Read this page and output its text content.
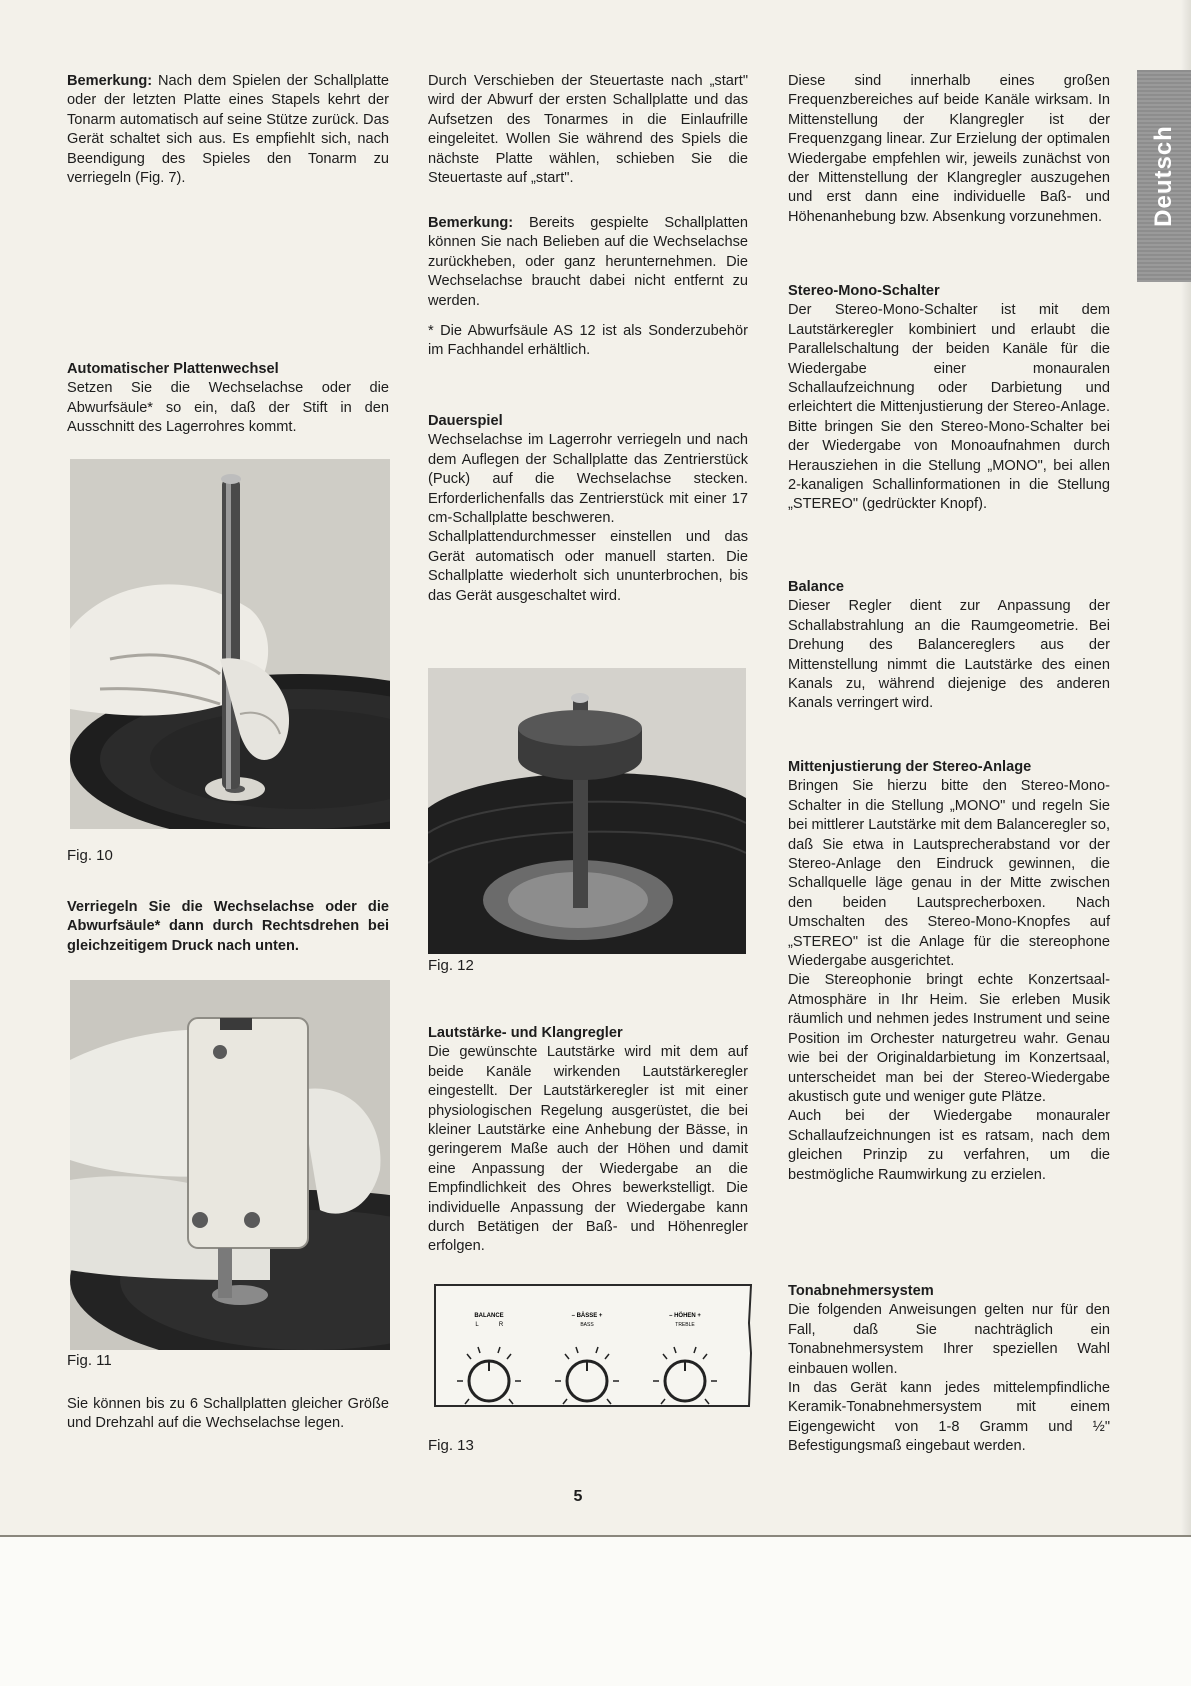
Deutsch

Bemerkung: Nach dem Spielen der Schallplatte oder der letzten Platte eines Stapels kehrt der Tonarm automatisch auf seine Stütze zurück. Das Gerät schaltet sich aus. Es empfiehlt sich, nach Beendigung des Spieles den Tonarm zu verriegeln (Fig. 7).

Automatischer Plattenwechsel

Setzen Sie die Wechselachse oder die Abwurfsäule* so ein, daß der Stift in den Ausschnitt des Lagerrohres kommt.

Fig. 10

Verriegeln Sie die Wechselachse oder die Abwurfsäule* dann durch Rechtsdrehen bei gleichzeitigem Druck nach unten.

Fig. 11

Sie können bis zu 6 Schallplatten gleicher Größe und Drehzahl auf die Wechselachse legen.

Durch Verschieben der Steuertaste nach „start" wird der Abwurf der ersten Schallplatte und das Aufsetzen des Tonarmes in die Einlaufrille eingeleitet. Wollen Sie während des Spiels die nächste Platte wählen, schieben Sie die Steuertaste auf „start".

Bemerkung: Bereits gespielte Schallplatten können Sie nach Belieben auf die Wechselachse zurückheben, oder ganz herunternehmen. Die Wechselachse braucht dabei nicht entfernt zu werden.

* Die Abwurfsäule AS 12 ist als Sonderzubehör im Fachhandel erhältlich.

Dauerspiel

Wechselachse im Lagerrohr verriegeln und nach dem Auflegen der Schallplatte das Zentrierstück (Puck) auf die Wechselachse stecken. Erforderlichenfalls das Zentrierstück mit einer 17 cm-Schallplatte beschweren.

Schallplattendurchmesser einstellen und das Gerät automatisch oder manuell starten. Die Schallplatte wiederholt sich ununterbrochen, bis das Gerät ausgeschaltet wird.

Fig. 12
Lautstärke- und Klangregler

Die gewünschte Lautstärke wird mit dem auf beide Kanäle wirkenden Lautstärkeregler eingestellt. Der Lautstärkeregler ist mit einer physiologischen Regelung ausgerüstet, die bei kleiner Lautstärke eine Anhebung der Bässe, in geringerem Maße auch der Höhen und damit eine Anpassung der Wiedergabe an die Empfindlichkeit des Ohres bewerkstelligt. Die individuelle Anpassung der Wiedergabe kann durch Betätigen der Baß- und Höhenregler erfolgen.

Fig. 13
BALANCE
L	R
– BÄSSE +
BASS
– HÖHEN +
TREBLE

Diese sind innerhalb eines großen Frequenzbereiches auf beide Kanäle wirksam. In Mittenstellung der Klangregler ist der Frequenzgang linear. Zur Erzielung der optimalen Wiedergabe empfehlen wir, jeweils zunächst von der Mittenstellung der Klangregler auszugehen und erst dann eine individuelle Baß- und Höhenanhebung bzw. Absenkung vorzunehmen.

Stereo-Mono-Schalter

Der Stereo-Mono-Schalter ist mit dem Lautstärkeregler kombiniert und erlaubt die Parallelschaltung der beiden Kanäle für die Wiedergabe einer monauralen Schallaufzeichnung oder Darbietung und erleichtert die Mittenjustierung der Stereo-Anlage. Bitte bringen Sie den Stereo-Mono-Schalter bei der Wiedergabe von Monoaufnahmen durch Herausziehen in die Stellung „MONO", bei allen 2-kanaligen Schallinformationen in die Stellung „STEREO" (gedrückter Knopf).

Balance

Dieser Regler dient zur Anpassung der Schallabstrahlung an die Raumgeometrie. Bei Drehung des Balancereglers aus der Mittenstellung nimmt die Lautstärke des einen Kanals zu, während diejenige des anderen Kanals verringert wird.

Mittenjustierung der Stereo-Anlage

Bringen Sie hierzu bitte den Stereo-Mono-Schalter in die Stellung „MONO" und regeln Sie bei mittlerer Lautstärke mit dem Balanceregler so, daß Sie etwa in Lautsprecherabstand vor der Stereo-Anlage den Eindruck gewinnen, die Schallquelle läge genau in der Mitte zwischen den beiden Lautsprecherboxen. Nach Umschalten des Stereo-Mono-Knopfes auf „STEREO" ist die Anlage für die stereophone Wiedergabe ausgerichtet.

Die Stereophonie bringt echte Konzertsaal-Atmosphäre in Ihr Heim. Sie erleben Musik räumlich und nehmen jedes Instrument und seine Position im Orchester naturgetreu wahr. Genau wie bei der Originaldarbietung im Konzertsaal, unterscheidet man bei der Stereo-Wiedergabe akustisch gute und weniger gute Plätze.

Auch bei der Wiedergabe monauraler Schallaufzeichnungen ist es ratsam, nach dem gleichen Prinzip zu verfahren, um die bestmögliche Raumwirkung zu erzielen.

Tonabnehmersystem

Die folgenden Anweisungen gelten nur für den Fall, daß Sie nachträglich ein Tonabnehmersystem Ihrer speziellen Wahl einbauen wollen.

In das Gerät kann jedes mittelempfindliche Keramik-Tonabnehmersystem mit einem Eigengewicht von 1-8 Gramm und ½" Befestigungsmaß eingebaut werden.

5
